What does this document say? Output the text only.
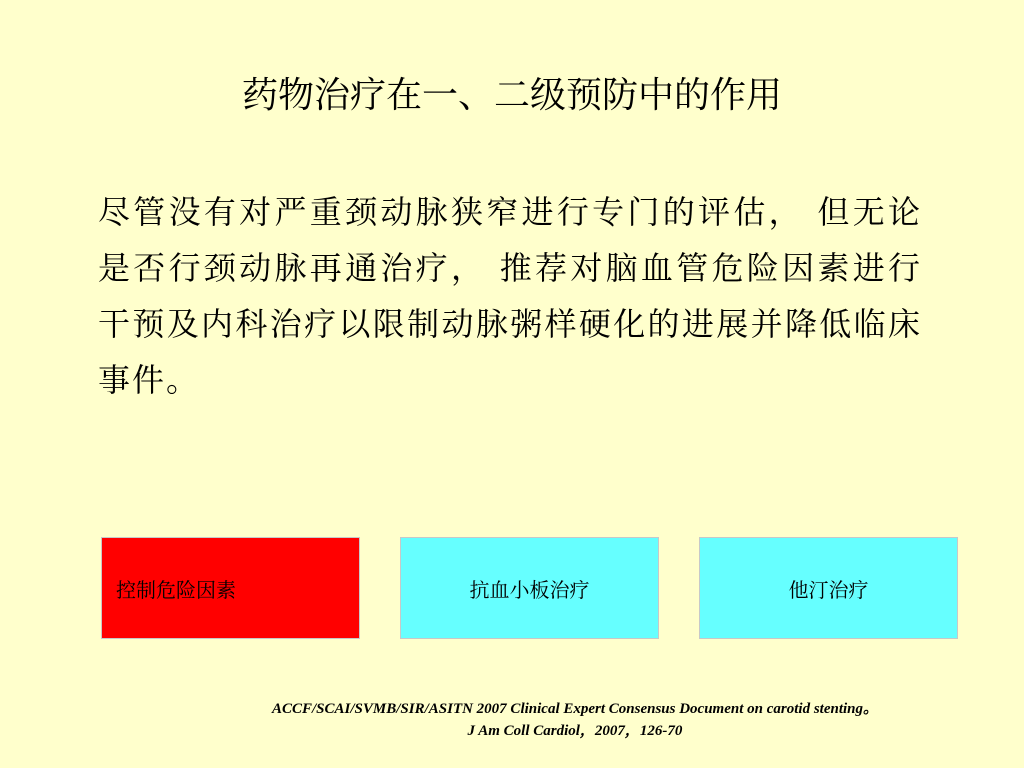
药物治疗在一、二级预防中的作用
尽管没有对严重颈动脉狭窄进行专门的评估， 但无论是否行颈动脉再通治疗， 推荐对脑血管危险因素进行干预及内科治疗以限制动脉粥样硬化的进展并降低临床事件。
控制危险因素	抗血小板治疗	他汀治疗
ACCF/SCAI/SVMB/SIR/ASITN 2007 Clinical Expert Consensus Document on carotid stenting。
J Am Coll Cardiol，2007，126-70
